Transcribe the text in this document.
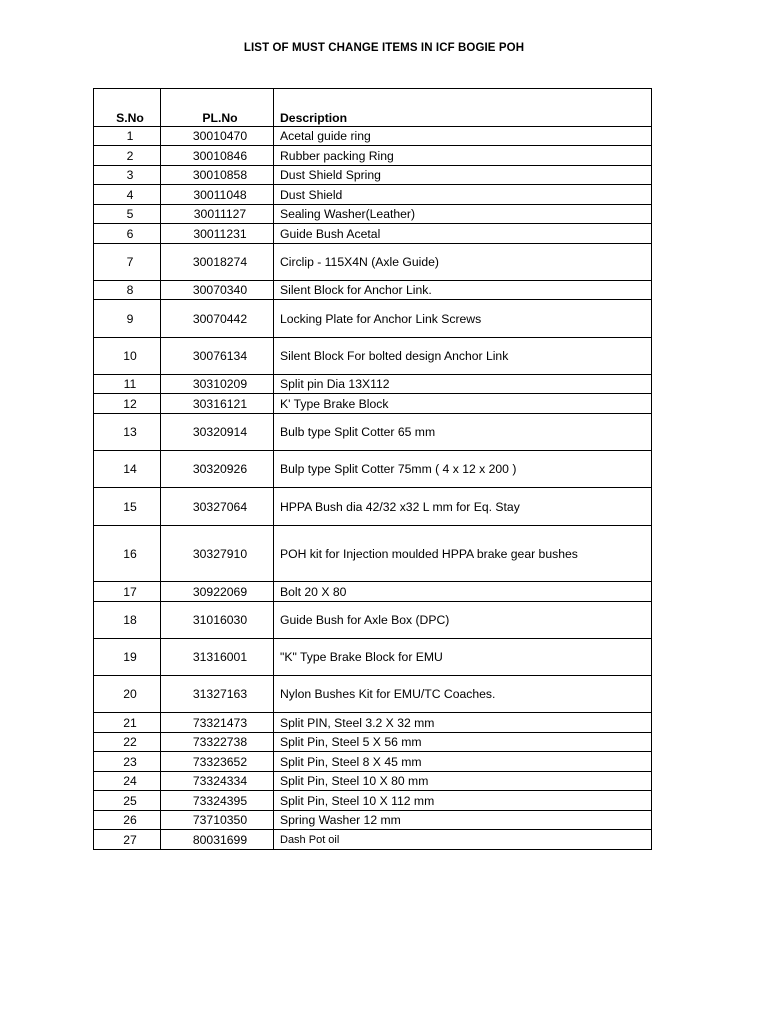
LIST OF MUST CHANGE ITEMS IN ICF BOGIE POH
S.No	PL.No	Description
1	30010470	Acetal guide ring
2	30010846	Rubber packing Ring
3	30010858	Dust Shield Spring
4	30011048	Dust Shield
5	30011127	Sealing Washer(Leather)
6	30011231	Guide Bush Acetal
7	30018274	Circlip - 115X4N (Axle Guide)
8	30070340	Silent Block for Anchor Link.
9	30070442	Locking Plate for Anchor Link Screws
10	30076134	Silent Block For bolted design Anchor Link
11	30310209	Split pin Dia 13X112
12	30316121	K' Type Brake Block
13	30320914	Bulb type Split Cotter 65 mm
14	30320926	Bulp type Split Cotter 75mm ( 4 x 12 x 200 )
15	30327064	HPPA Bush dia 42/32 x32 L mm for Eq. Stay
16	30327910	POH kit for Injection moulded HPPA brake gear bushes
17	30922069	Bolt 20 X 80
18	31016030	Guide Bush for Axle Box (DPC)
19	31316001	"K" Type Brake Block for EMU
20	31327163	Nylon Bushes Kit for EMU/TC Coaches.
21	73321473	Split PIN, Steel 3.2 X 32 mm
22	73322738	Split Pin, Steel 5 X 56 mm
23	73323652	Split Pin, Steel 8 X 45 mm
24	73324334	Split Pin, Steel 10 X 80 mm
25	73324395	Split Pin, Steel 10 X 112 mm
26	73710350	Spring Washer 12 mm
27	80031699	Dash Pot oil
